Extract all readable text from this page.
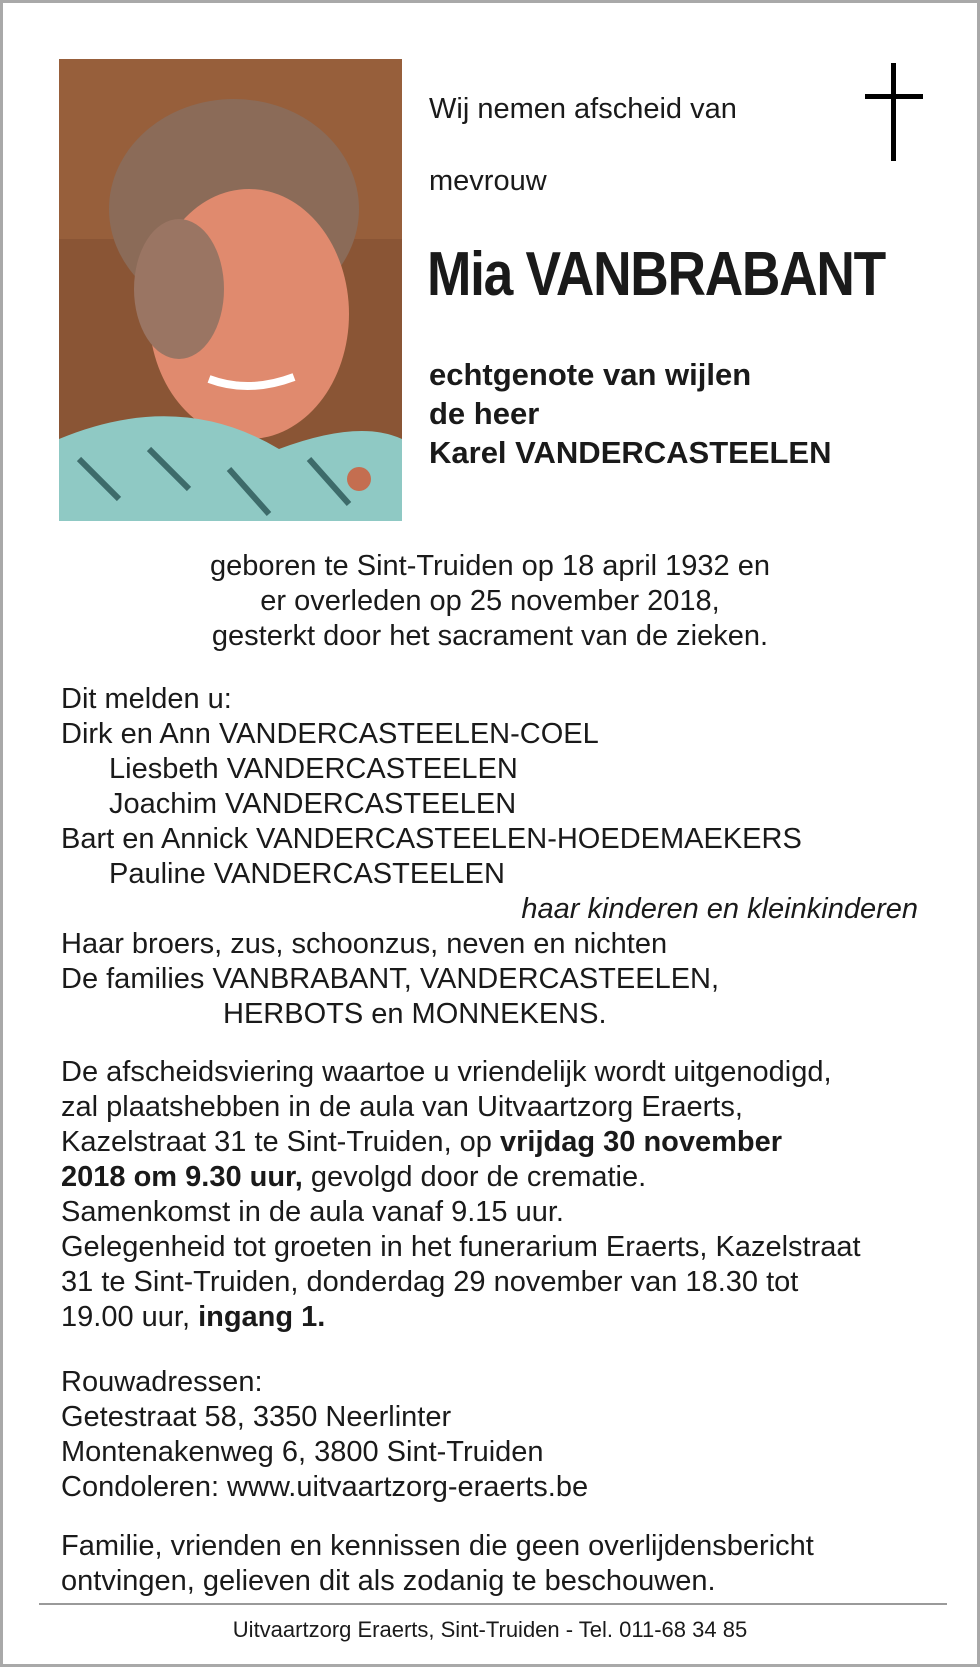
Wij nemen afscheid van

mevrouw

Mia VANBRABANT

echtgenote van wijlen
de heer
Karel VANDERCASTEELEN
geboren te Sint-Truiden op 18 april 1932 en
er overleden op 25 november 2018,
gesterkt door het sacrament van de zieken.
Dit melden u:
Dirk en Ann VANDERCASTEELEN-COEL
Liesbeth VANDERCASTEELEN
Joachim VANDERCASTEELEN
Bart en Annick VANDERCASTEELEN-HOEDEMAEKERS
Pauline VANDERCASTEELEN
haar kinderen en kleinkinderen
Haar broers, zus, schoonzus, neven en nichten
De families VANBRABANT, VANDERCASTEELEN,
HERBOTS en MONNEKENS.
De afscheidsviering waartoe u vriendelijk wordt uitgenodigd,
zal plaatshebben in de aula van Uitvaartzorg Eraerts,
Kazelstraat 31 te Sint-Truiden, op vrijdag 30 november
2018 om 9.30 uur, gevolgd door de crematie.
Samenkomst in de aula vanaf 9.15 uur.
Gelegenheid tot groeten in het funerarium Eraerts, Kazelstraat
31 te Sint-Truiden, donderdag 29 november van 18.30 tot
19.00 uur, ingang 1.
Rouwadressen:
Getestraat 58, 3350 Neerlinter
Montenakenweg 6, 3800 Sint-Truiden
Condoleren: www.uitvaartzorg-eraerts.be
Familie, vrienden en kennissen die geen overlijdensbericht
ontvingen, gelieven dit als zodanig te beschouwen.

Uitvaartzorg Eraerts, Sint-Truiden - Tel. 011-68 34 85
